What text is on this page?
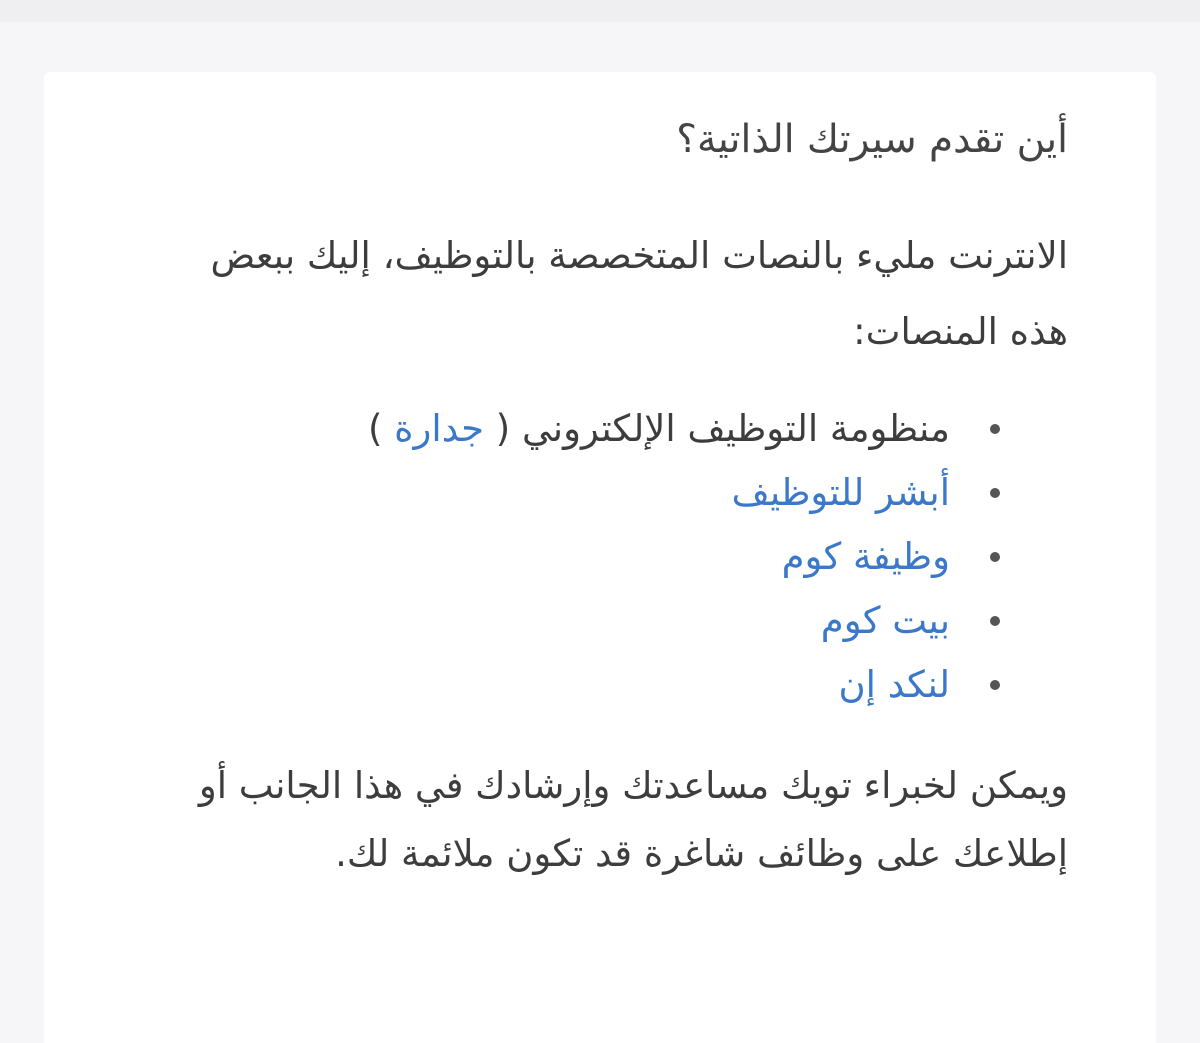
أين تقدم سيرتك الذاتية؟

الانترنت مليء بالنصات المتخصصة بالتوظيف، إليك ببعض هذه المنصات:

منظومة التوظيف الإلكتروني ( جدارة )
أبشر للتوظيف
وظيفة كوم
بيت كوم
لنكد إن

ويمكن لخبراء تويك مساعدتك وإرشادك في هذا الجانب أو إطلاعك على وظائف شاغرة قد تكون ملائمة لك.
